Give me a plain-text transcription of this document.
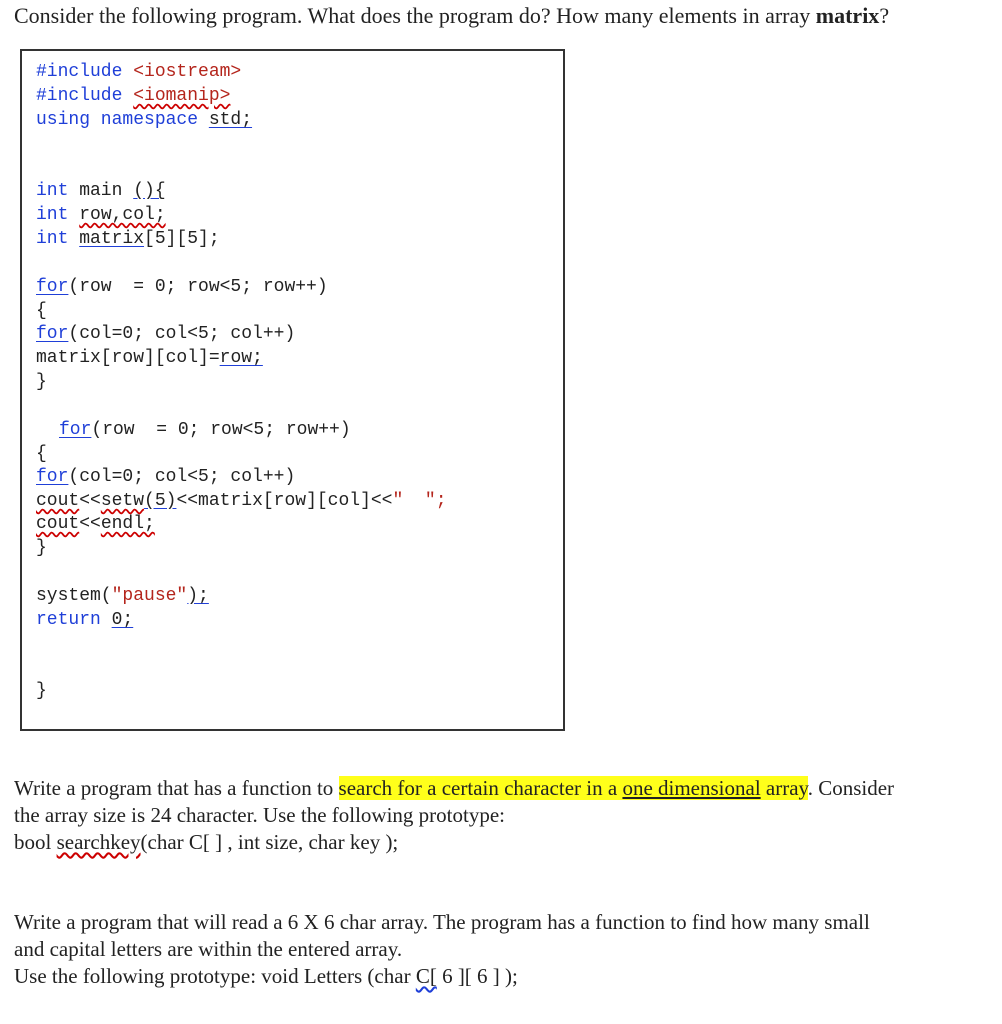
Consider the following program. What does the program do? How many elements in array matrix?
#include <iostream>
#include <iomanip>
using namespace std;
int main (){
int row,col;
int matrix[5][5];
for(row  = 0; row<5; row++)
{
for(col=0; col<5; col++)
matrix[row][col]=row;
}
for(row  = 0; row<5; row++)
{
for(col=0; col<5; col++)
cout<<setw(5)<<matrix[row][col]<<"  ";
cout<<endl;
}
system("pause");
return 0;
}
Write a program that has a function to search for a certain character in a one dimensional array. Consider
the array size is 24 character. Use the following prototype:
bool searchkey(char C[ ] , int size, char key );
Write a program that will read a 6 X 6 char array. The program has a function to find how many small
and capital letters are within the entered array.
Use the following prototype: void Letters (char C[ 6 ][ 6 ] );
